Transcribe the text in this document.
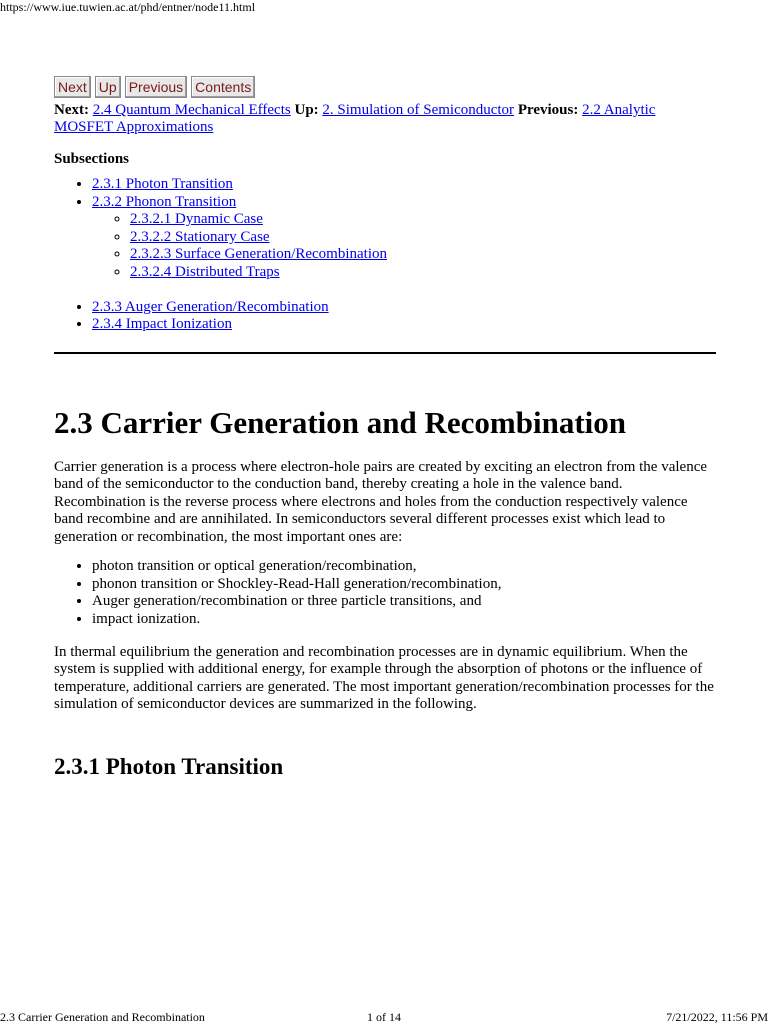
https://www.iue.tuwien.ac.at/phd/entner/node11.html
Next Up Previous Contents
Next: 2.4 Quantum Mechanical Effects Up: 2. Simulation of Semiconductor Previous: 2.2 Analytic MOSFET Approximations
Subsections
• 2.3.1 Photon Transition
• 2.3.2 Phonon Transition
◦ 2.3.2.1 Dynamic Case
◦ 2.3.2.2 Stationary Case
◦ 2.3.2.3 Surface Generation/Recombination
◦ 2.3.2.4 Distributed Traps
• 2.3.3 Auger Generation/Recombination
• 2.3.4 Impact Ionization
2.3 Carrier Generation and Recombination

Carrier generation is a process where electron-hole pairs are created by exciting an electron from the valence band of the semiconductor to the conduction band, thereby creating a hole in the valence band. Recombination is the reverse process where electrons and holes from the conduction respectively valence band recombine and are annihilated. In semiconductors several different processes exist which lead to generation or recombination, the most important ones are:

• photon transition or optical generation/recombination,
• phonon transition or Shockley-Read-Hall generation/recombination,
• Auger generation/recombination or three particle transitions, and
• impact ionization.

In thermal equilibrium the generation and recombination processes are in dynamic equilibrium. When the system is supplied with additional energy, for example through the absorption of photons or the influence of temperature, additional carriers are generated. The most important generation/recombination processes for the simulation of semiconductor devices are summarized in the following.

2.3.1 Photon Transition
2.3 Carrier Generation and Recombination	1 of 14	7/21/2022, 11:56 PM
